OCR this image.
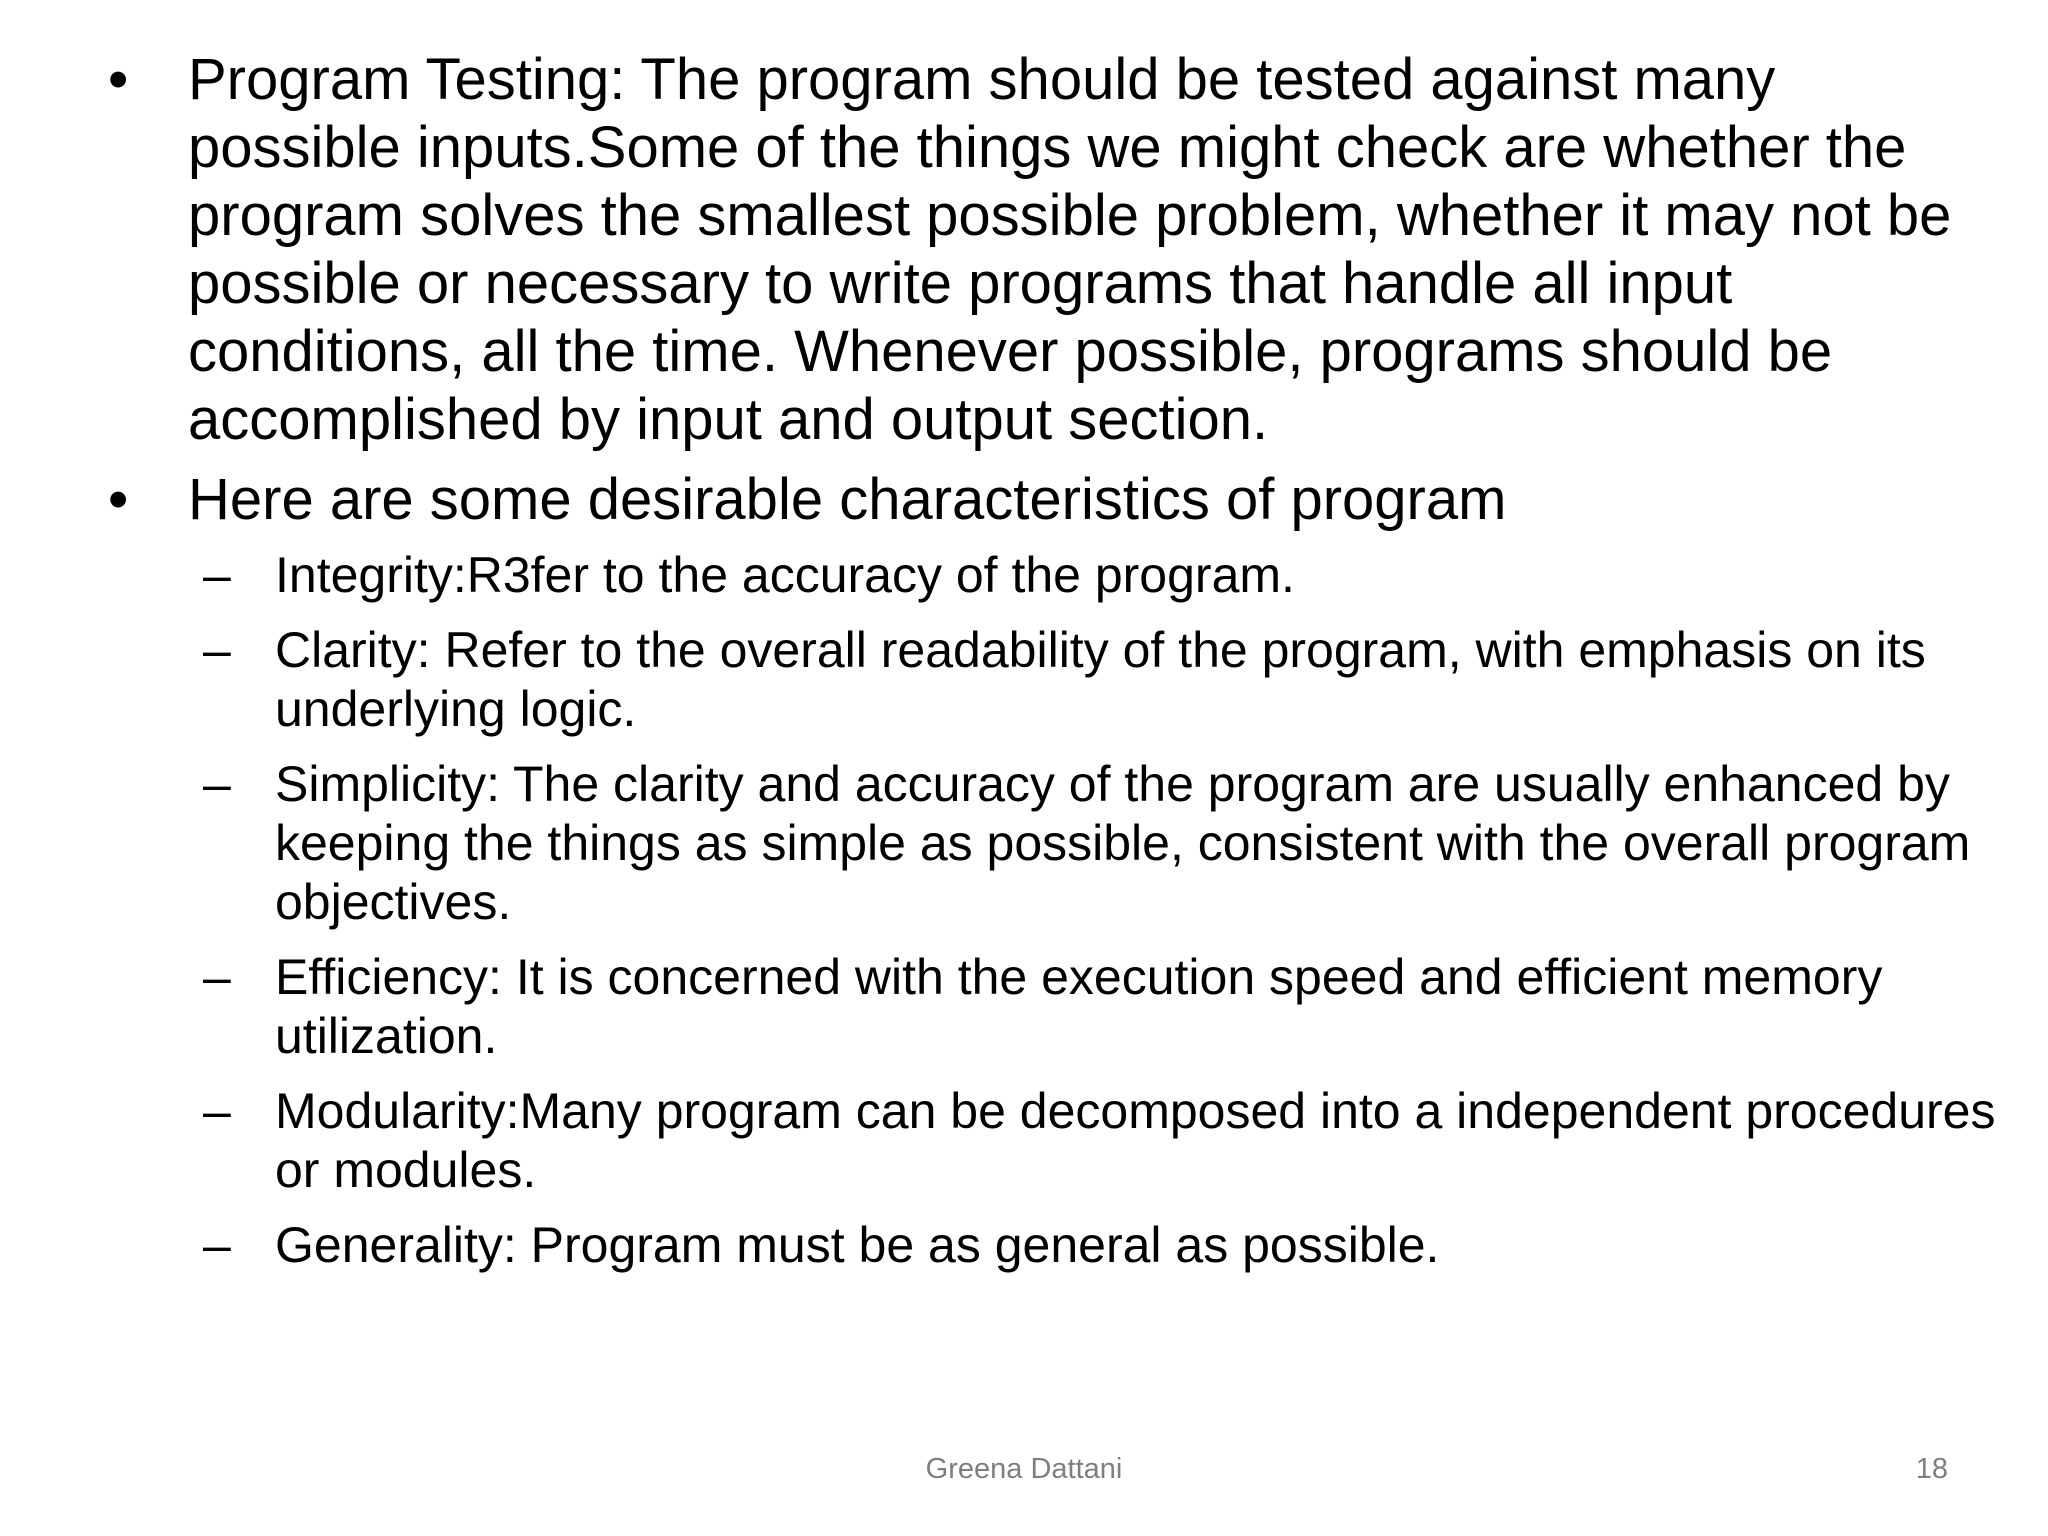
• Program Testing: The program should be tested against many possible inputs.Some of the things we might check are whether the program solves the smallest possible problem, whether it may not be possible or necessary to write programs that handle all input conditions, all the time. Whenever possible, programs should be accomplished by input and output section.
• Here are some desirable characteristics of program
– Integrity:R3fer to the accuracy of the program.
– Clarity: Refer to the overall readability of the program, with emphasis on its underlying logic.
– Simplicity: The clarity and accuracy of the program are usually enhanced by keeping the things as simple as possible, consistent with the overall program objectives.
– Efficiency: It is concerned with the execution speed and efficient memory utilization.
– Modularity:Many program can be decomposed into a independent procedures or modules.
– Generality: Program must be as general as possible.
Greena Dattani	18
